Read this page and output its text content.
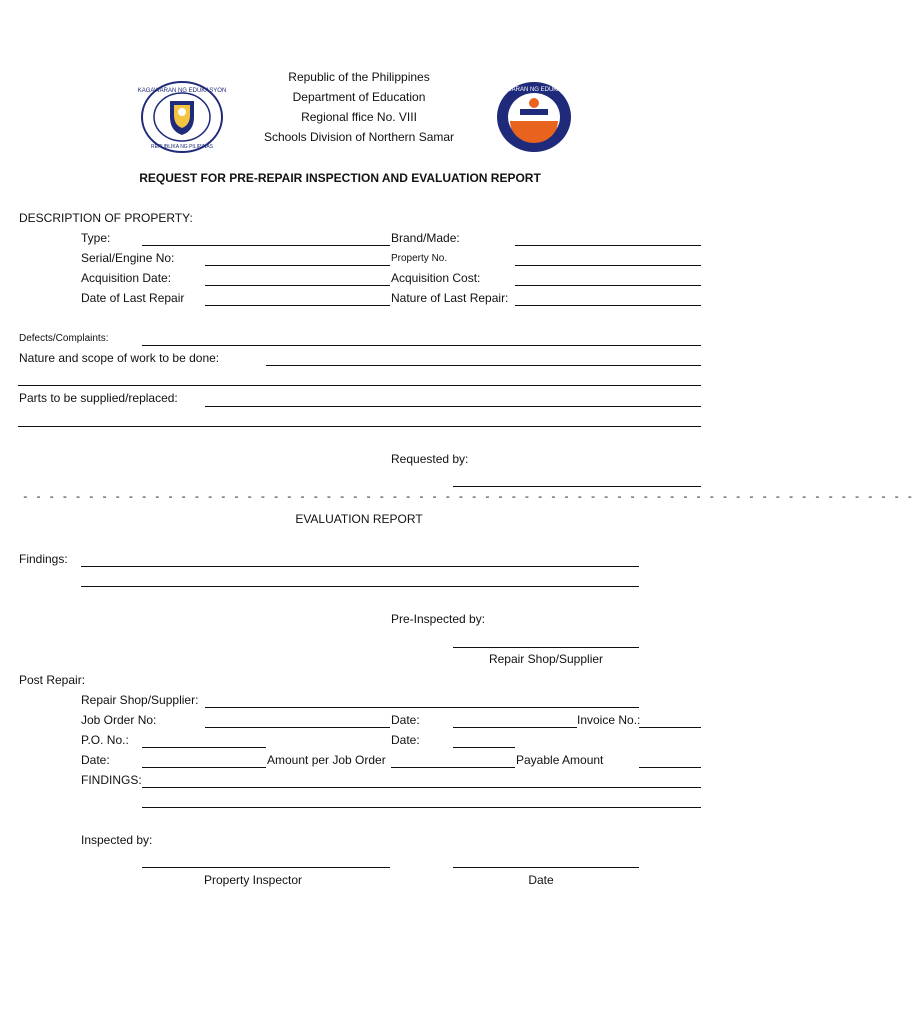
KAGAWARAN NG EDUKASYON
REPUBLIKA NG PILIPINAS
KAGAWARAN NG EDUKASYON
Republic of the Philippines
Department of Education
Regional ffice No. VIII
Schools Division of Northern Samar
REQUEST FOR PRE-REPAIR INSPECTION AND EVALUATION REPORT
DESCRIPTION OF PROPERTY:
Type:	Brand/Made:
Serial/Engine No:	Property No.
Acquisition Date:	Acquisition Cost:
Date of Last Repair	Nature of Last Repair:
Defects/Complaints:
Nature and scope of work to be done:
Parts to be supplied/replaced:
Requested by:
- - - - - - - - - - - - - - - - - - - - - - - - - - - - - - - - - - - - - - - - - - - - - - - - - - - - - - - - - - - - - - - - - - - -
EVALUATION REPORT
Findings:
Pre-Inspected by:
Repair Shop/Supplier
Post Repair:
Repair Shop/Supplier:
Job Order No:	Date:	Invoice No.:
P.O. No.:	Date:
Date:	Amount per Job Order	Payable Amount
FINDINGS:
Inspected by:
Property Inspector	Date
